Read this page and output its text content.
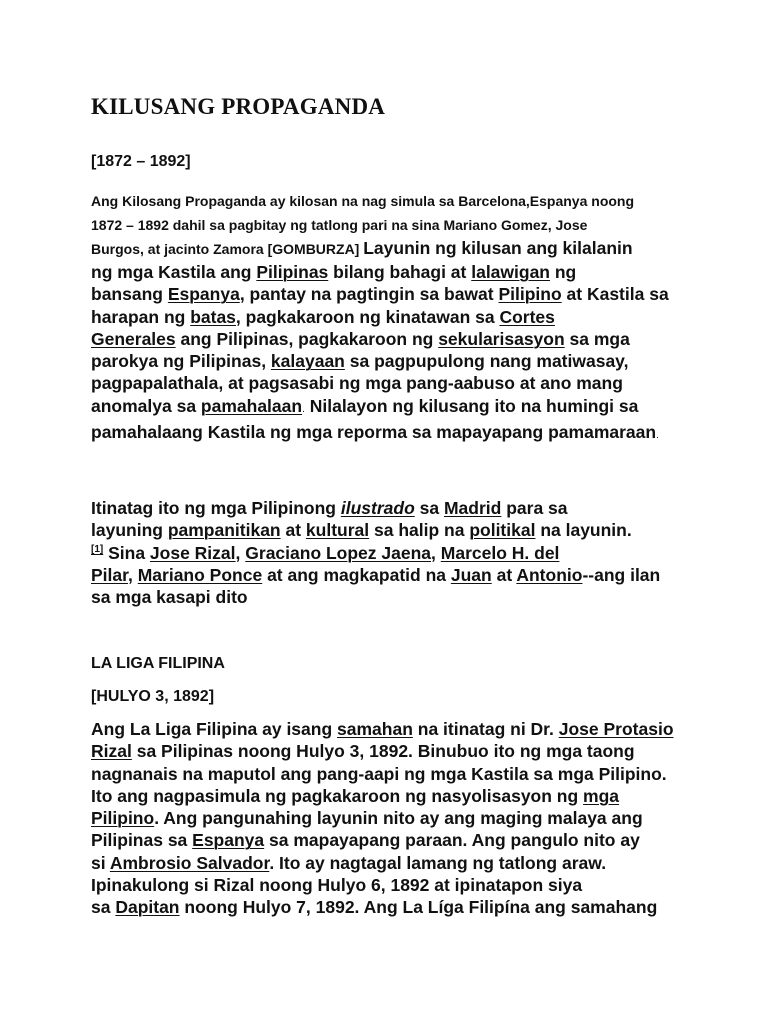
KILUSANG PROPAGANDA
[1872 – 1892]
Ang Kilosang Propaganda ay kilosan na nag simula sa Barcelona,Espanya noong
1872 – 1892 dahil sa pagbitay ng tatlong pari na sina Mariano Gomez, Jose
Burgos, at jacinto Zamora [GOMBURZA] Layunin ng kilusan ang kilalanin
ng mga Kastila ang Pilipinas bilang bahagi at lalawigan ng
bansang Espanya, pantay na pagtingin sa bawat Pilipino at Kastila sa
harapan ng batas, pagkakaroon ng kinatawan sa Cortes
Generales ang Pilipinas, pagkakaroon ng sekularisasyon sa mga
parokya ng Pilipinas, kalayaan sa pagpupulong nang matiwasay,
pagpapalathala, at pagsasabi ng mga pang-aabuso at ano mang
anomalya sa pamahalaan. Nilalayon ng kilusang ito na humingi sa
pamahalaang Kastila ng mga reporma sa mapayapang pamamaraan.
Itinatag ito ng mga Pilipinong ilustrado sa Madrid para sa
layuning pampanitikan at kultural sa halip na politikal na layunin.
[1] Sina Jose Rizal, Graciano Lopez Jaena, Marcelo H. del
Pilar, Mariano Ponce at ang magkapatid na Juan at Antonio--ang ilan
sa mga kasapi dito
LA LIGA FILIPINA
[HULYO 3, 1892]
Ang La Liga Filipina ay isang samahan na itinatag ni Dr. Jose Protasio
Rizal sa Pilipinas noong Hulyo 3, 1892. Binubuo ito ng mga taong
nagnanais na maputol ang pang-aapi ng mga Kastila sa mga Pilipino.
Ito ang nagpasimula ng pagkakaroon ng nasyolisasyon ng mga
Pilipino. Ang pangunahing layunin nito ay ang maging malaya ang
Pilipinas sa Espanya sa mapayapang paraan. Ang pangulo nito ay
si Ambrosio Salvador. Ito ay nagtagal lamang ng tatlong araw.
Ipinakulong si Rizal noong Hulyo 6, 1892 at ipinatapon siya
sa Dapitan noong Hulyo 7, 1892. Ang La Líga Filipína ang samahang
